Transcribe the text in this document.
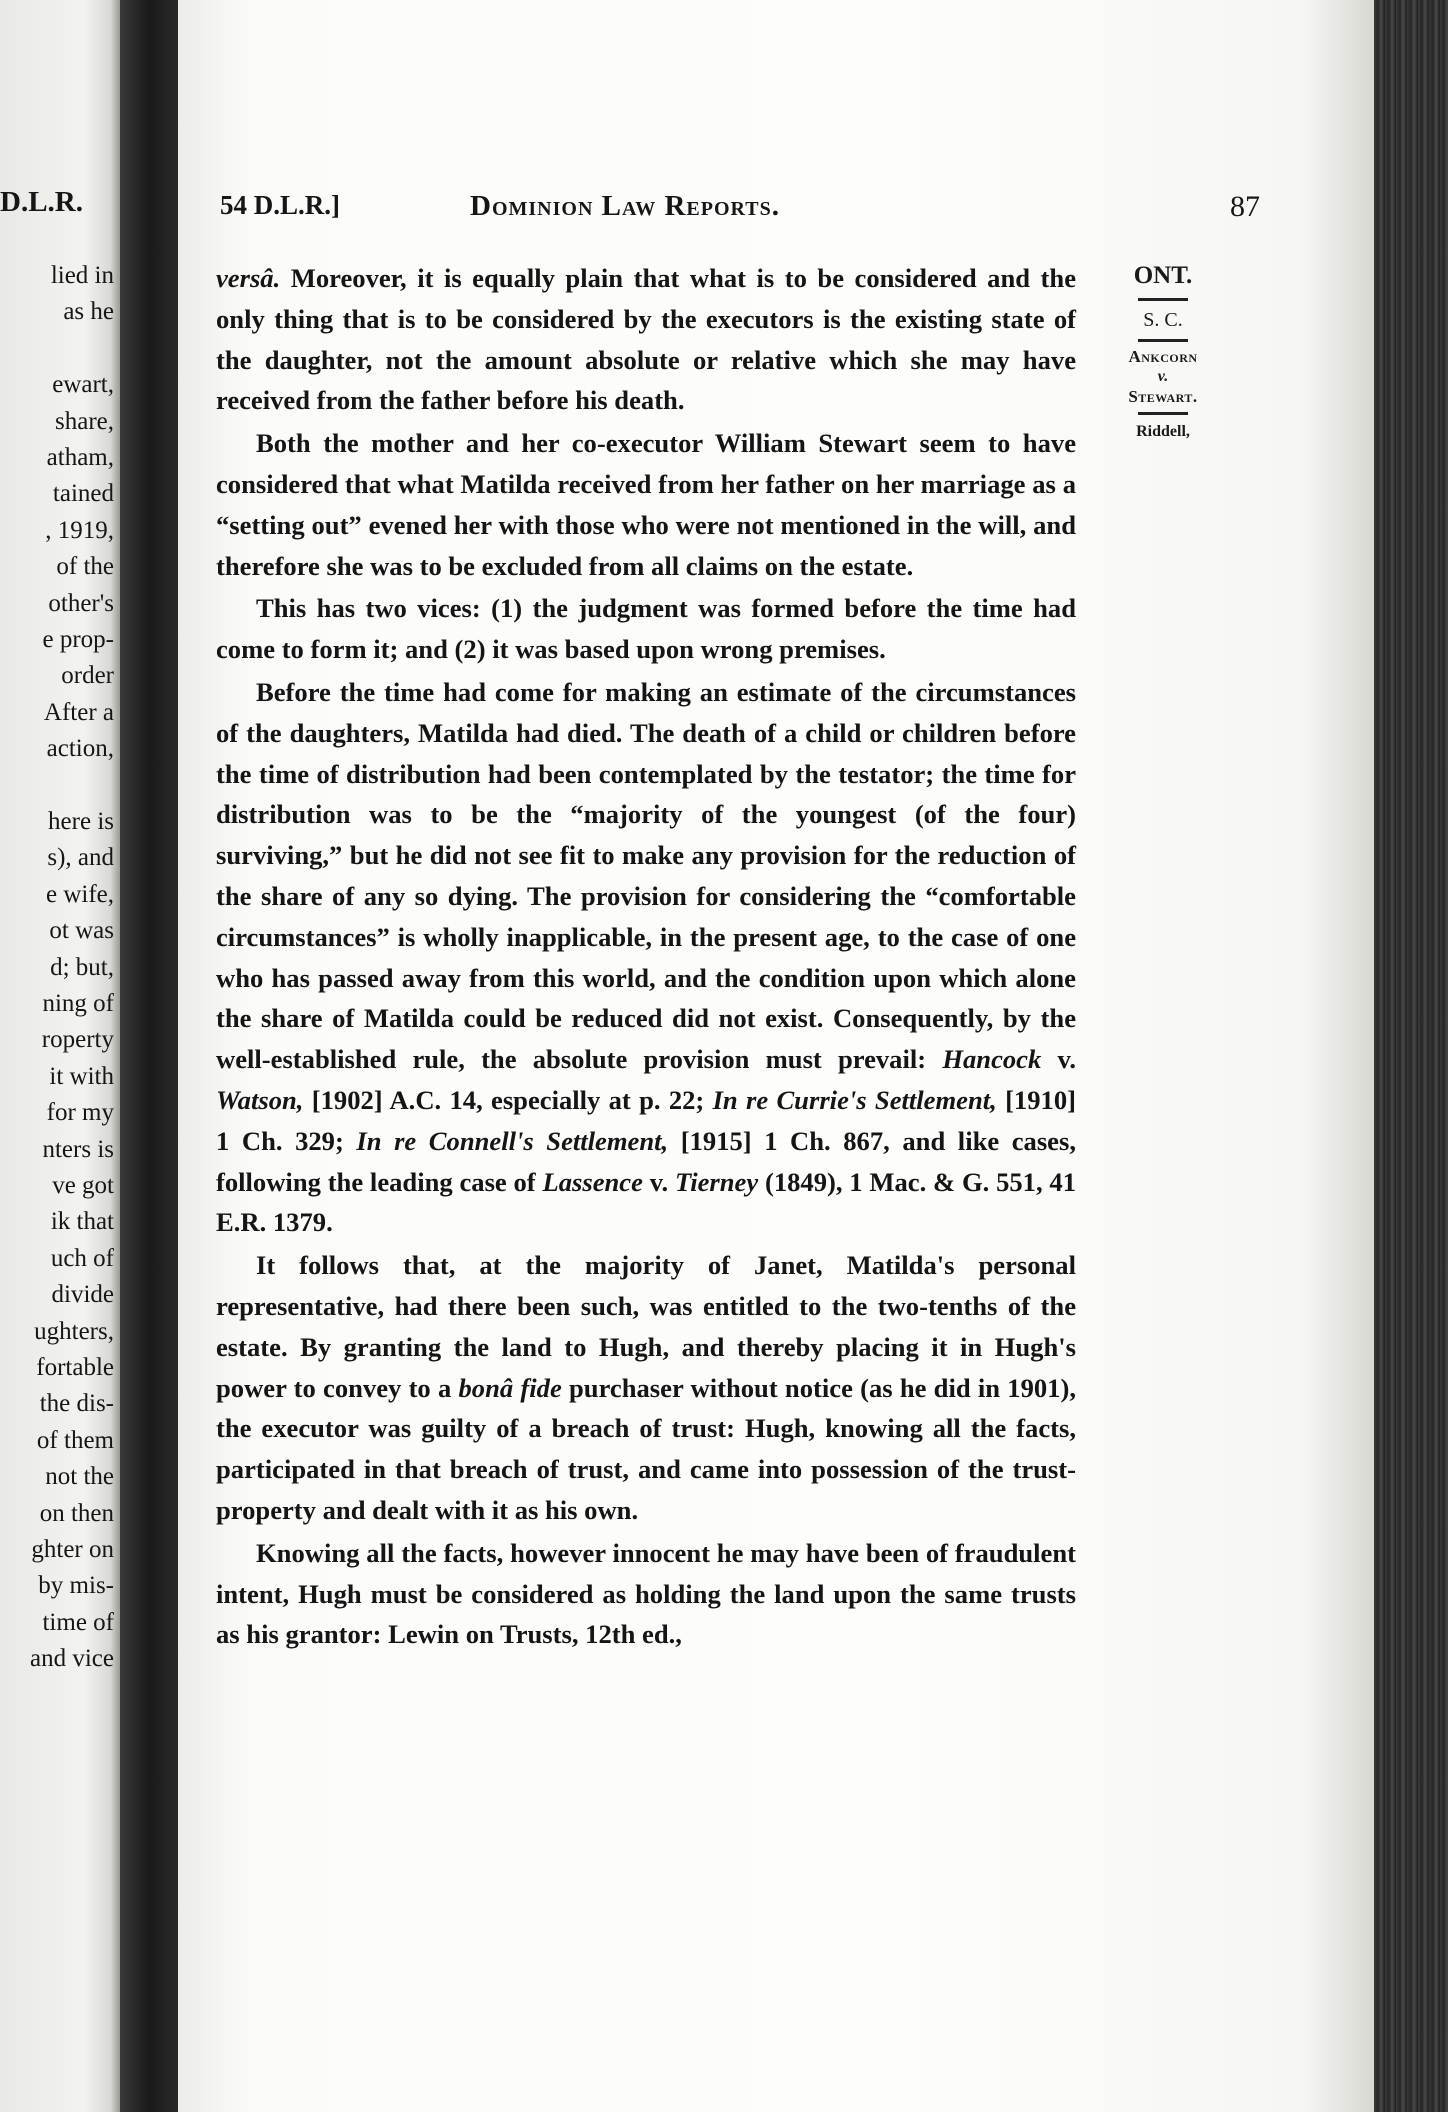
D.L.R.
lied in
as he
ewart,
share,
atham,
tained
, 1919,
of the
other's
e prop-
order
After a
action,
here is
s), and
e wife,
ot was
d; but,
ning of
roperty
it with
for my
nters is
ve got
ik that
uch of
divide
ughters,
fortable
the dis-
of them
not the
on then
ghter on
by mis-
time of
and vice
54 D.L.R.]	Dominion Law Reports.	87

versâ. Moreover, it is equally plain that what is to be considered and the only thing that is to be considered by the executors is the existing state of the daughter, not the amount absolute or relative which she may have received from the father before his death.

Both the mother and her co-executor William Stewart seem to have considered that what Matilda received from her father on her marriage as a “setting out” evened her with those who were not mentioned in the will, and therefore she was to be excluded from all claims on the estate.

This has two vices: (1) the judgment was formed before the time had come to form it; and (2) it was based upon wrong premises.

Before the time had come for making an estimate of the circumstances of the daughters, Matilda had died. The death of a child or children before the time of distribution had been contemplated by the testator; the time for distribution was to be the “majority of the youngest (of the four) surviving,” but he did not see fit to make any provision for the reduction of the share of any so dying. The provision for considering the “comfortable circumstances” is wholly inapplicable, in the present age, to the case of one who has passed away from this world, and the condition upon which alone the share of Matilda could be reduced did not exist. Consequently, by the well-established rule, the absolute provision must prevail: Hancock v. Watson, [1902] A.C. 14, especially at p. 22; In re Currie's Settlement, [1910] 1 Ch. 329; In re Connell's Settlement, [1915] 1 Ch. 867, and like cases, following the leading case of Lassence v. Tierney (1849), 1 Mac. & G. 551, 41 E.R. 1379.

It follows that, at the majority of Janet, Matilda's personal representative, had there been such, was entitled to the two-tenths of the estate. By granting the land to Hugh, and thereby placing it in Hugh's power to convey to a bonâ fide purchaser without notice (as he did in 1901), the executor was guilty of a breach of trust: Hugh, knowing all the facts, participated in that breach of trust, and came into possession of the trust-property and dealt with it as his own.

Knowing all the facts, however innocent he may have been of fraudulent intent, Hugh must be considered as holding the land upon the same trusts as his grantor: Lewin on Trusts, 12th ed.,

ONT.
S. C.
Ankcorn
v.
Stewart.
Riddell,
